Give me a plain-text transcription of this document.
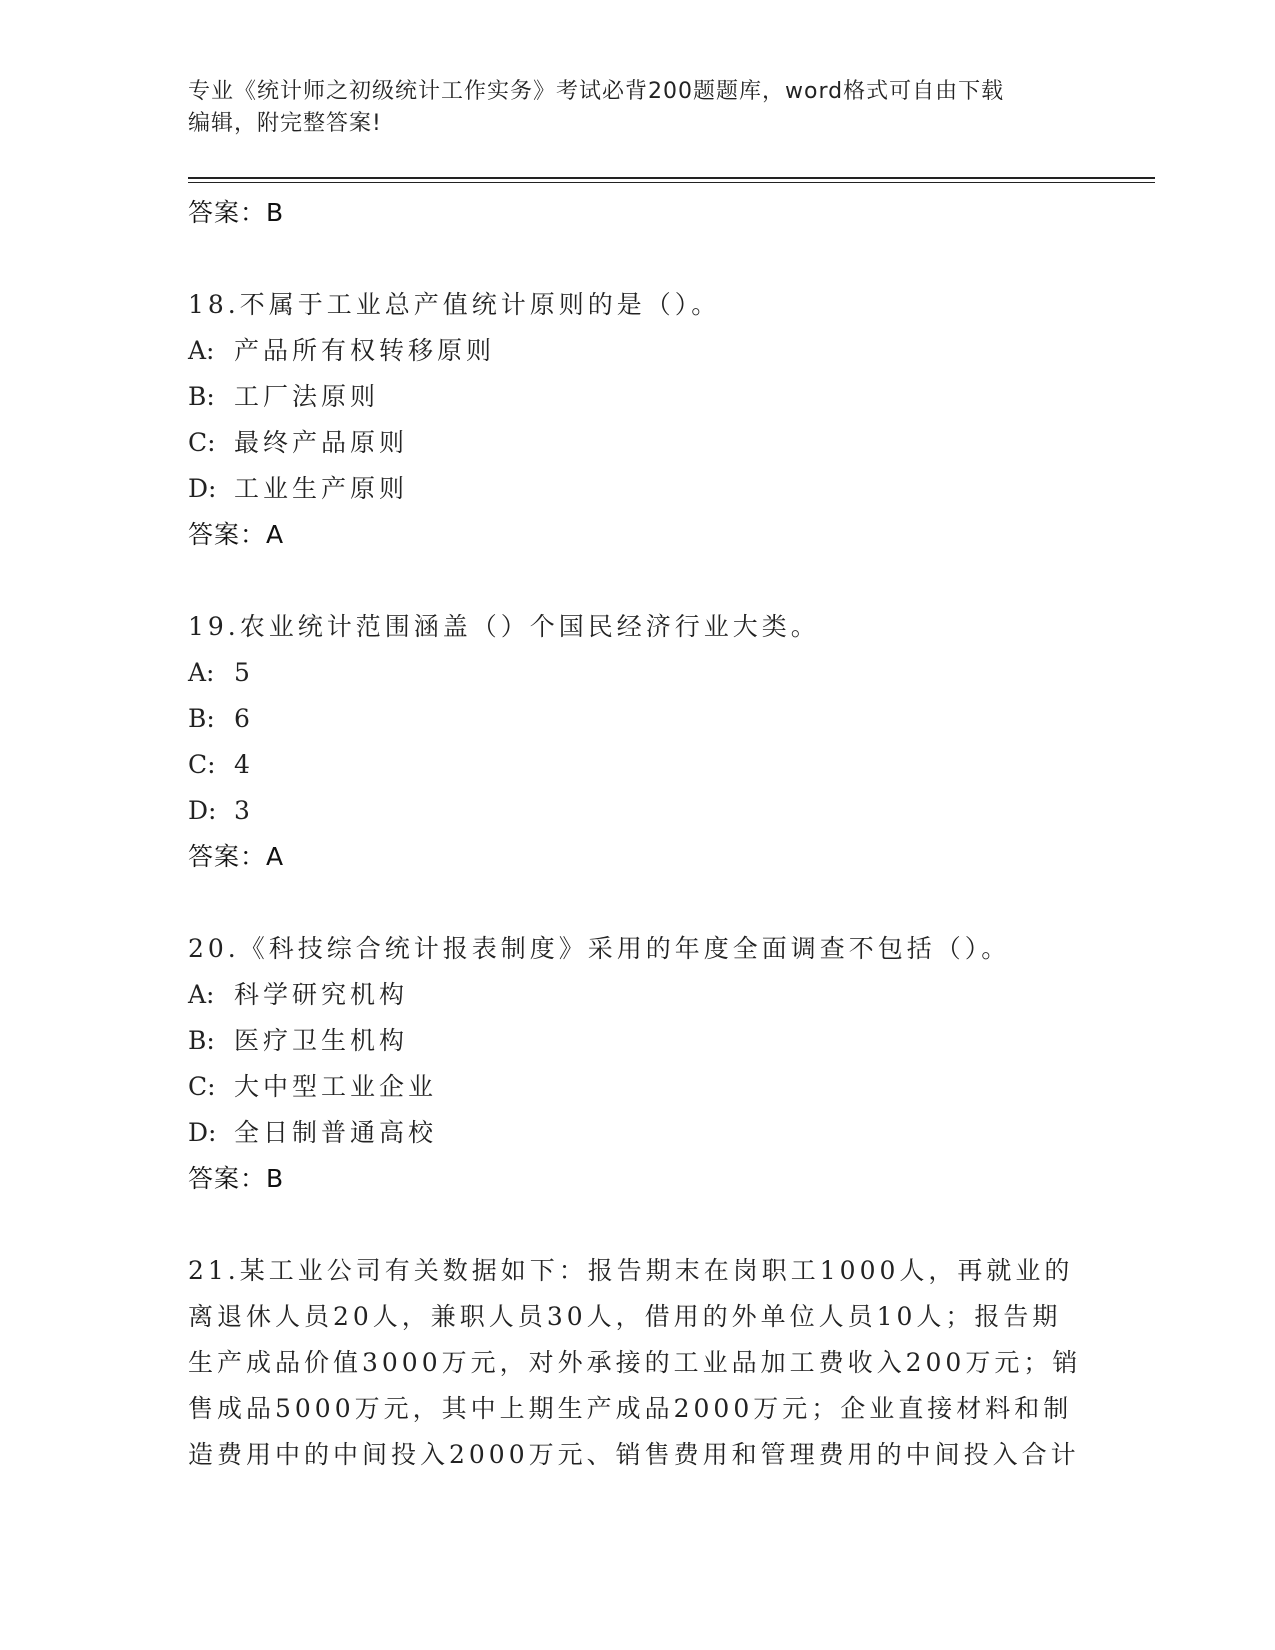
专业《统计师之初级统计工作实务》考试必背200题题库，word格式可自由下载
编辑，附完整答案!
答案：B
18.不属于工业总产值统计原则的是（）。
A: 产品所有权转移原则
B: 工厂法原则
C: 最终产品原则
D: 工业生产原则
答案：A
19.农业统计范围涵盖（）个国民经济行业大类。
A: 5
B: 6
C: 4
D: 3
答案：A
20.《科技综合统计报表制度》采用的年度全面调查不包括（）。
A: 科学研究机构
B: 医疗卫生机构
C: 大中型工业企业
D: 全日制普通高校
答案：B
21.某工业公司有关数据如下：报告期末在岗职工1000人，再就业的
离退休人员20人，兼职人员30人，借用的外单位人员10人；报告期
生产成品价值3000万元，对外承接的工业品加工费收入200万元；销
售成品5000万元，其中上期生产成品2000万元；企业直接材料和制
造费用中的中间投入2000万元、销售费用和管理费用的中间投入合计
